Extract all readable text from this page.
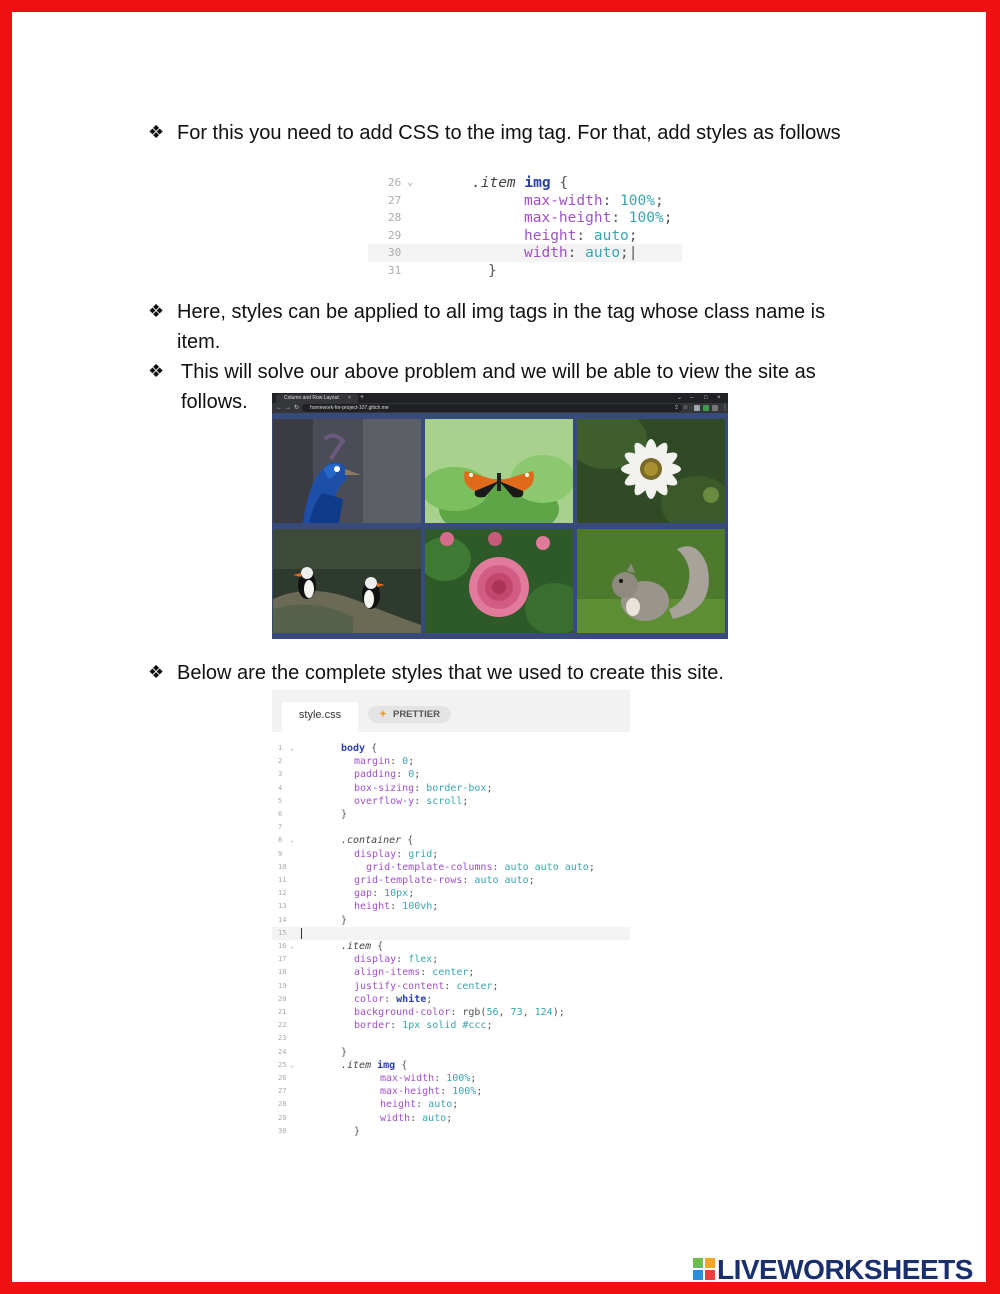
❖ For this you need to add CSS to the img tag. For that, add styles as follows
26 ⌄	.item img {
27	max-width: 100%;
28	max-height: 100%;
29	height: auto;
30	width: auto;|
31	}
❖ Here, styles can be applied to all img tags in the tag whose class name is item.
❖ This will solve our above problem and we will be able to view the site as follows.	Column and Row Layout	× +	⌄ – □ ×
← → ↻	homework-for-project-107.glitch.me	⇪ ☆	⋮
❖ Below are the complete styles that we used to create this site.
style.css	✦ PRETTIER
1 ⌄	body {
2	margin: 0;
3	padding: 0;
4	box-sizing: border-box;
5	overflow-y: scroll;
6	}
7
8 ⌄	.container {
9	display: grid;
10	grid-template-columns: auto auto auto;
11	grid-template-rows: auto auto;
12	gap: 10px;
13	height: 100vh;
14	}
15
16 ⌄	.item {
17	display: flex;
18	align-items: center;
19	justify-content: center;
20	color: white;
21	background-color: rgb(56, 73, 124);
22	border: 1px solid #ccc;
23
24	}
25 ⌄	.item img {
26	max-width: 100%;
27	max-height: 100%;
28	height: auto;
29	width: auto;
30	}
LIVEWORKSHEETS
